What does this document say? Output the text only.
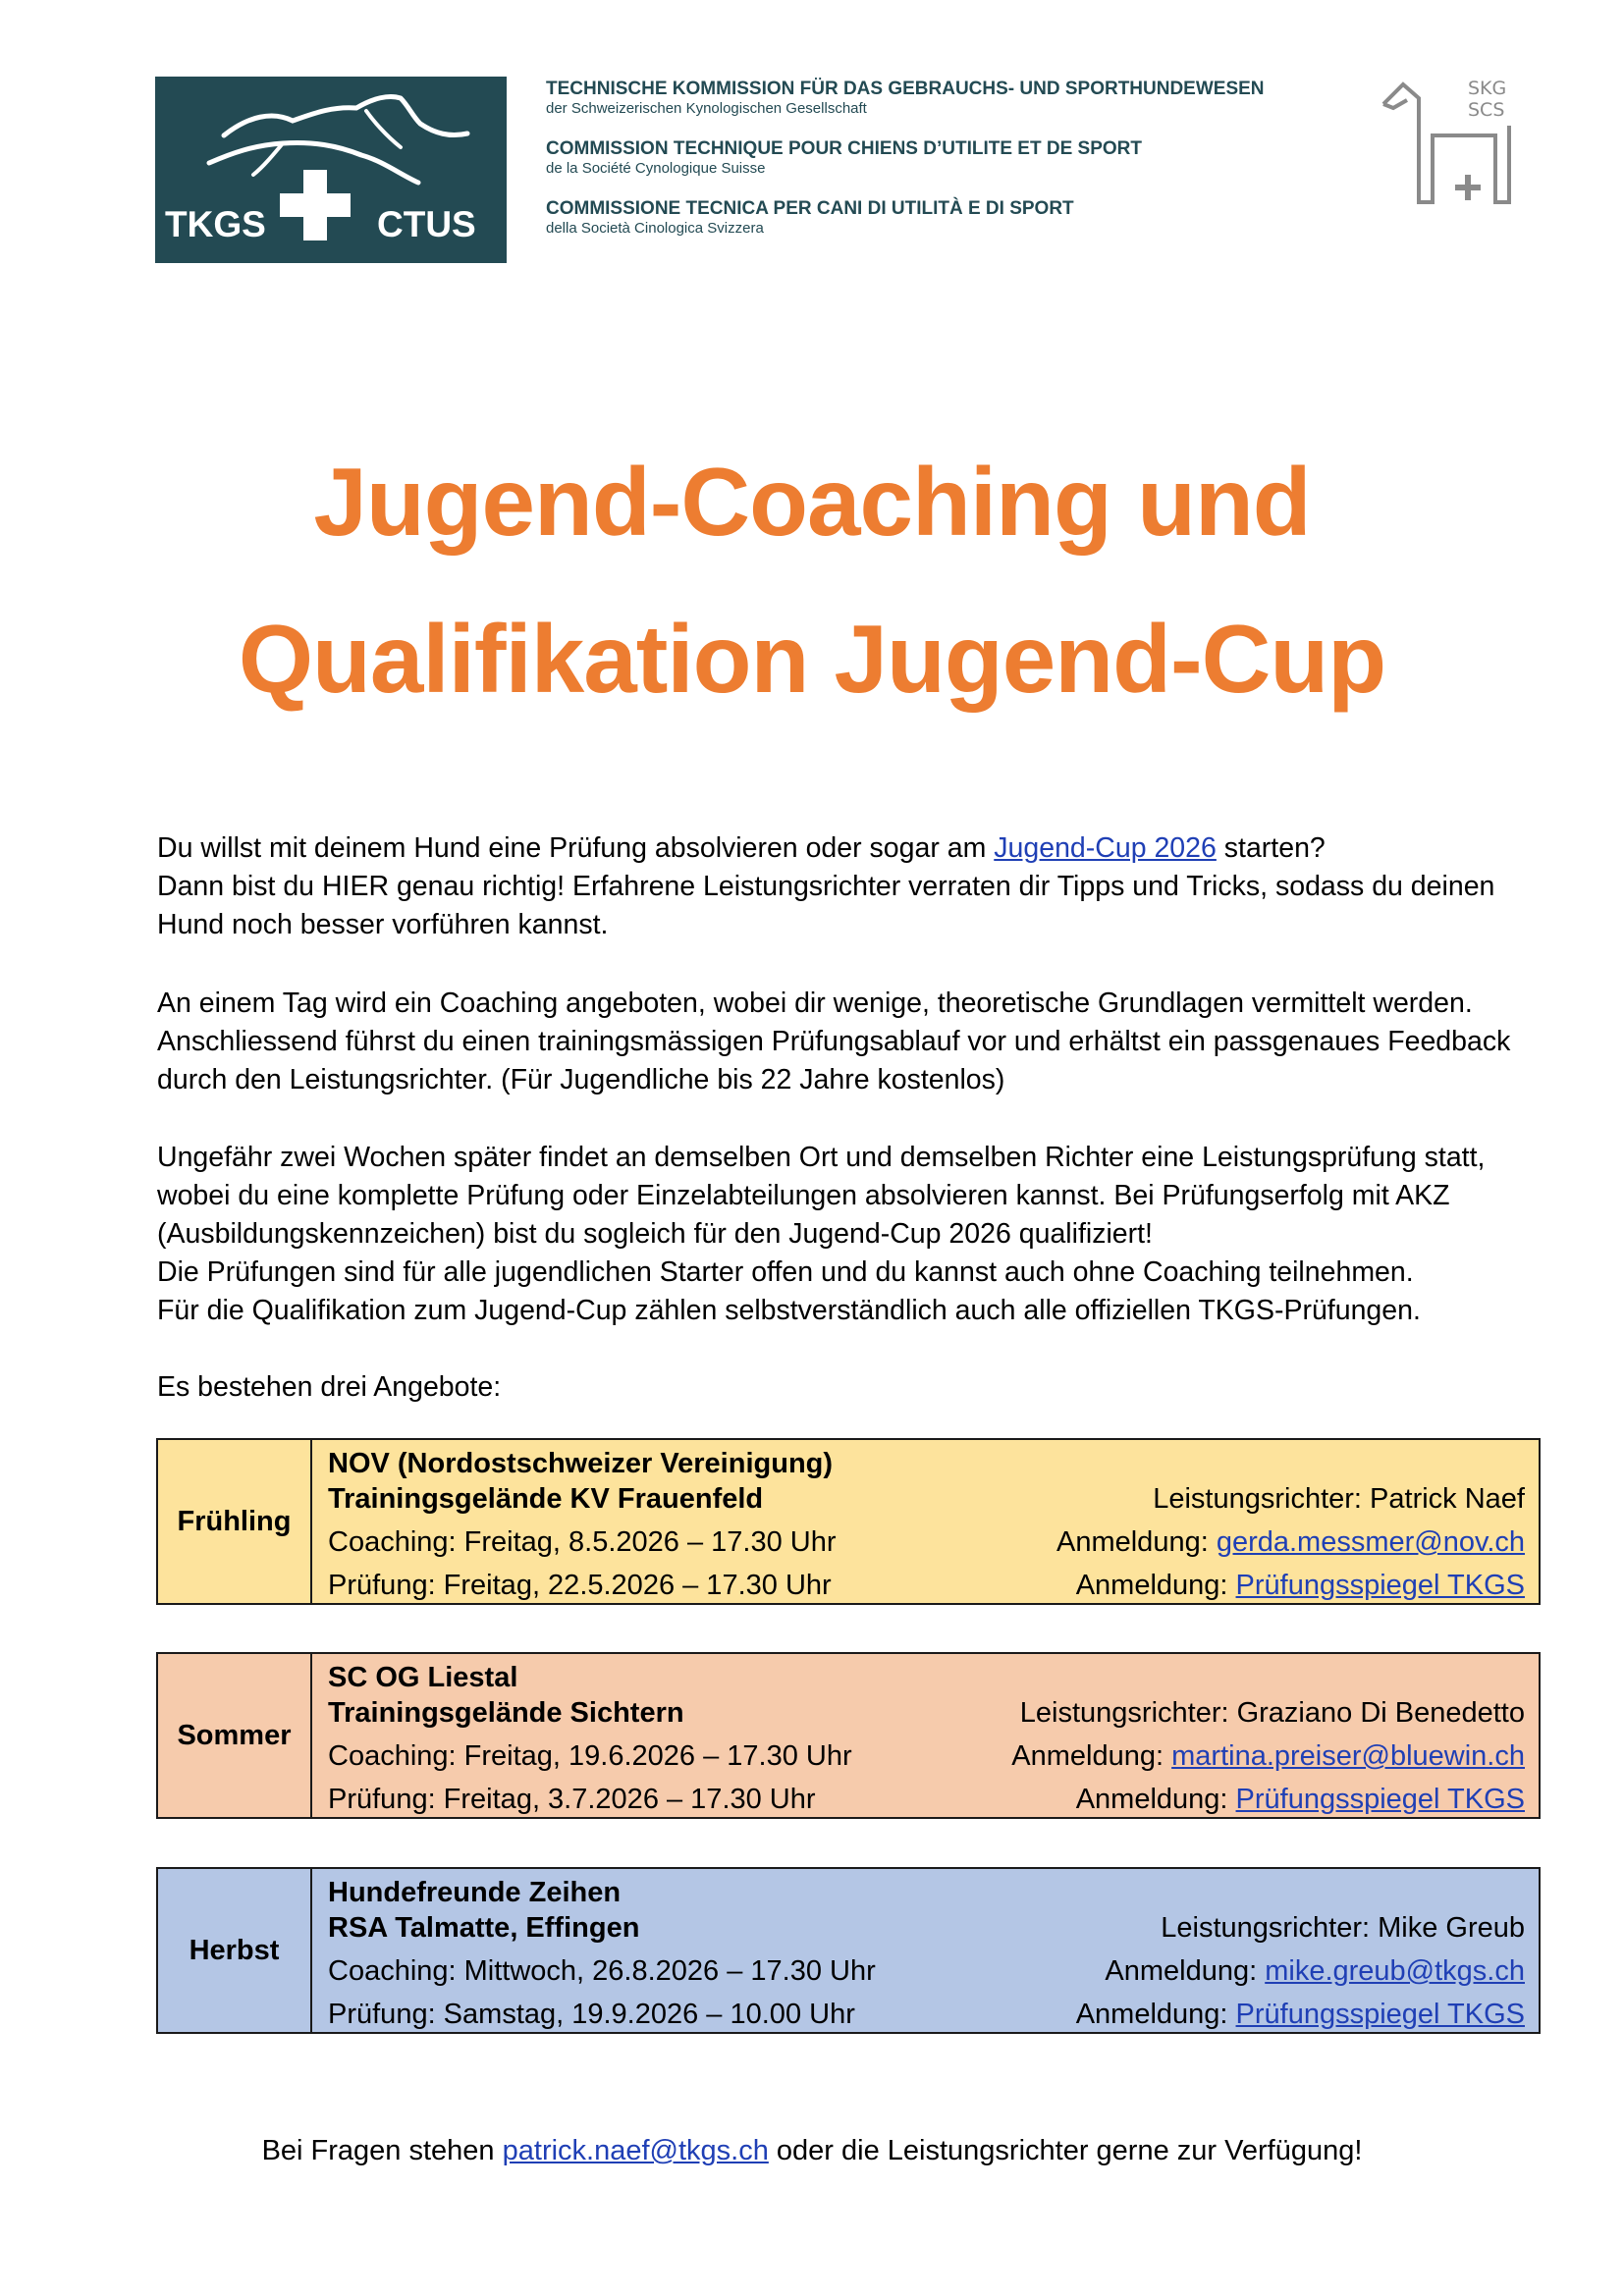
TKGS	CTUS
TECHNISCHE KOMMISSION FÜR DAS GEBRAUCHS- UND SPORTHUNDEWESEN
der Schweizerischen Kynologischen Gesellschaft
COMMISSION TECHNIQUE POUR CHIENS D’UTILITE ET DE SPORT
de la Société Cynologique Suisse
COMMISSIONE TECNICA PER CANI DI UTILITÀ E DI SPORT
della Società Cinologica Svizzera
SKG
SCS
Jugend-Coaching und
Qualifikation Jugend-Cup
Du willst mit deinem Hund eine Prüfung absolvieren oder sogar am Jugend-Cup 2026 starten?
Dann bist du HIER genau richtig! Erfahrene Leistungsrichter verraten dir Tipps und Tricks, sodass du deinen Hund noch besser vorführen kannst.
An einem Tag wird ein Coaching angeboten, wobei dir wenige, theoretische Grundlagen vermittelt werden. Anschliessend führst du einen trainingsmässigen Prüfungsablauf vor und erhältst ein passgenaues Feedback durch den Leistungsrichter. (Für Jugendliche bis 22 Jahre kostenlos)
Ungefähr zwei Wochen später findet an demselben Ort und demselben Richter eine Leistungsprüfung statt, wobei du eine komplette Prüfung oder Einzelabteilungen absolvieren kannst. Bei Prüfungserfolg mit AKZ (Ausbildungskennzeichen) bist du sogleich für den Jugend-Cup 2026 qualifiziert!
Die Prüfungen sind für alle jugendlichen Starter offen und du kannst auch ohne Coaching teilnehmen.
Für die Qualifikation zum Jugend-Cup zählen selbstverständlich auch alle offiziellen TKGS-Prüfungen.
Es bestehen drei Angebote:
Frühling
NOV (Nordostschweizer Vereinigung)
Trainingsgelände KV Frauenfeld
Coaching: Freitag, 8.5.2026 – 17.30 Uhr
Prüfung: Freitag, 22.5.2026 – 17.30 Uhr
Leistungsrichter: Patrick Naef
Anmeldung: gerda.messmer@nov.ch
Anmeldung: Prüfungsspiegel TKGS
Sommer
SC OG Liestal
Trainingsgelände Sichtern
Coaching: Freitag, 19.6.2026 – 17.30 Uhr
Prüfung: Freitag, 3.7.2026 – 17.30 Uhr
Leistungsrichter: Graziano Di Benedetto
Anmeldung: martina.preiser@bluewin.ch
Anmeldung: Prüfungsspiegel TKGS
Herbst
Hundefreunde Zeihen
RSA Talmatte, Effingen
Coaching: Mittwoch, 26.8.2026 – 17.30 Uhr
Prüfung: Samstag, 19.9.2026 – 10.00 Uhr
Leistungsrichter: Mike Greub
Anmeldung: mike.greub@tkgs.ch
Anmeldung: Prüfungsspiegel TKGS
Bei Fragen stehen patrick.naef@tkgs.ch oder die Leistungsrichter gerne zur Verfügung!
